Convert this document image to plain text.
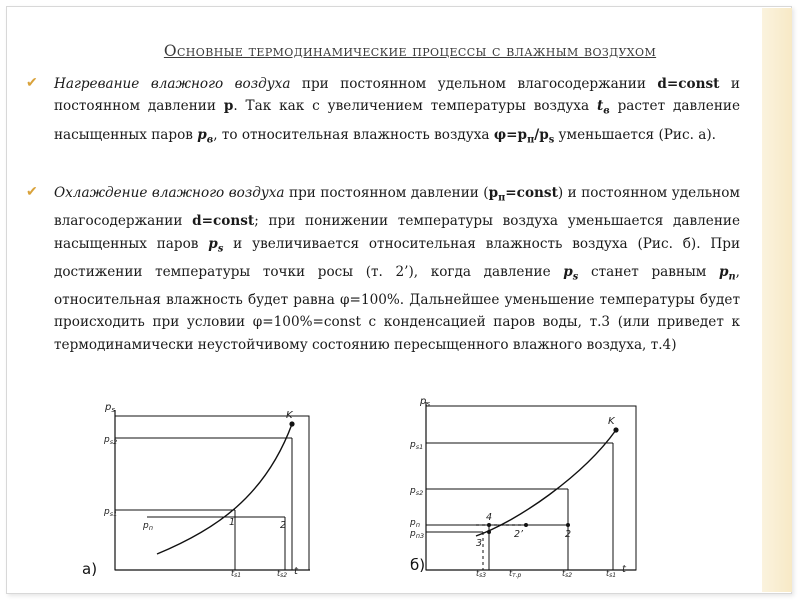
Основные термодинамические процессы с влажным воздухом
✔ Нагревание влажного воздуха при постоянном удельном влагосодержании d=const и постоянном давлении р. Так как с увеличением температуры воздуха $t_в$ растет давление насыщенных паров $р_в$, то относительная влажность воздуха $\varphi=р_п/р_s$ уменьшается (Рис. а).
✔ Охлаждение влажного воздуха при постоянном давлении $(р_п=const)$ и постоянном удельном влагосодержании d=const; при понижении температуры воздуха уменьшается давление насыщенных паров $р_s$ и увеличивается относительная влажность воздуха (Рис. б). При достижении температуры точки росы (т. 2’), когда давление $р_s$ станет равным $р_п$, относительная влажность будет равна φ=100%. Дальнейшее уменьшение температуры будет происходить при условии φ=100%=const с конденсацией паров воды, т.3 (или приведет к термодинамически неустойчивому состоянию пересыщенного влажного воздуха, т.4)
$р_s$
t
K
$р_{s2}$
$р_{s1}$
$р_п$	1	2
ts1	ts2
а)
$р_s$
t
K
$р_{s1}$
$р_{s2}$
$р_п$
$р_{п3}$
4
3
2’	2
ts3	tт.р	ts2	ts1
б)
